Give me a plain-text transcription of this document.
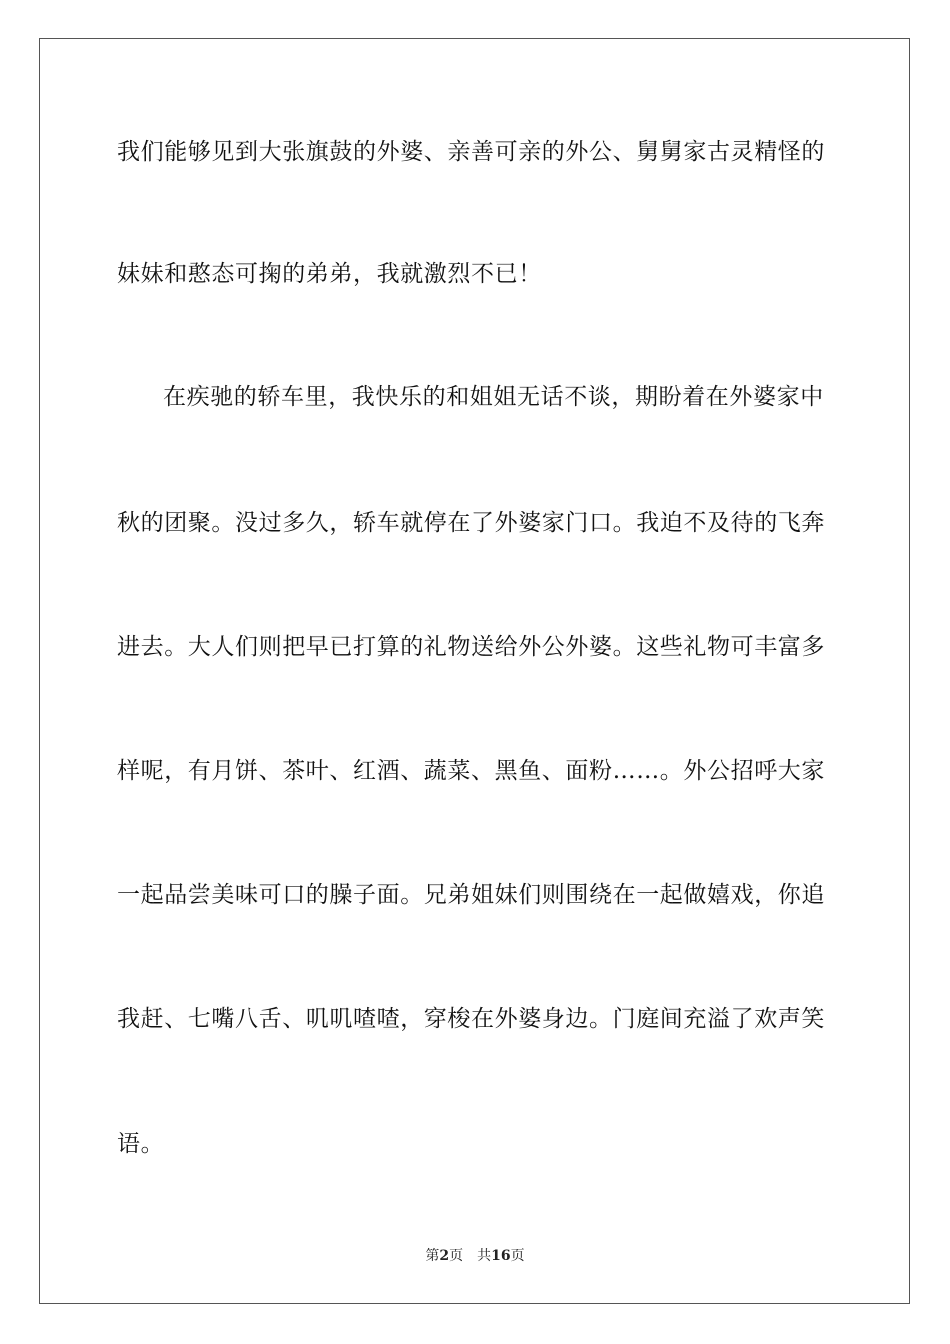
我们能够见到大张旗鼓的外婆、亲善可亲的外公、舅舅家古灵精怪的
妹妹和憨态可掬的弟弟，我就激烈不已！
在疾驰的轿车里，我快乐的和姐姐无话不谈，期盼着在外婆家中
秋的团聚。没过多久，轿车就停在了外婆家门口。我迫不及待的飞奔
进去。大人们则把早已打算的礼物送给外公外婆。这些礼物可丰富多
样呢，有月饼、茶叶、红酒、蔬菜、黑鱼、面粉……。外公招呼大家
一起品尝美味可口的臊子面。兄弟姐妹们则围绕在一起做嬉戏，你追
我赶、七嘴八舌、叽叽喳喳，穿梭在外婆身边。门庭间充溢了欢声笑
语。
第2页 共16页
